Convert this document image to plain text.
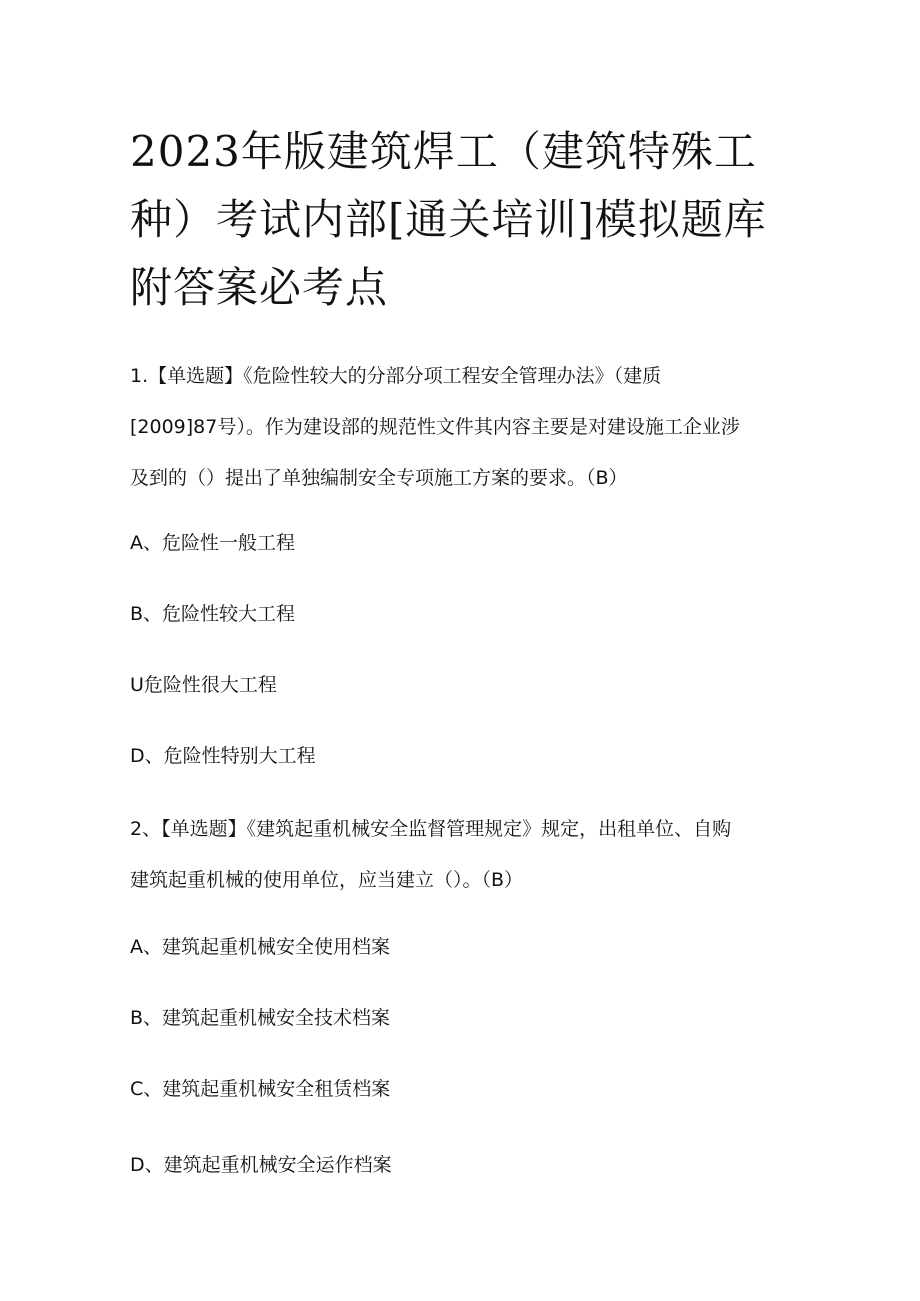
2023年版建筑焊工（建筑特殊工
种）考试内部[通关培训]模拟题库
附答案必考点
1.【单选题】《危险性较大的分部分项工程安全管理办法》（建质
[2009]87号）。作为建设部的规范性文件其内容主要是对建设施工企业涉
及到的（）提出了单独编制安全专项施工方案的要求。（B）
A、危险性一般工程
B、危险性较大工程
U危险性很大工程
D、危险性特别大工程
2、【单选题】《建筑起重机械安全监督管理规定》规定，出租单位、自购
建筑起重机械的使用单位，应当建立（）。（B）
A、建筑起重机械安全使用档案
B、建筑起重机械安全技术档案
C、建筑起重机械安全租赁档案
D、建筑起重机械安全运作档案
